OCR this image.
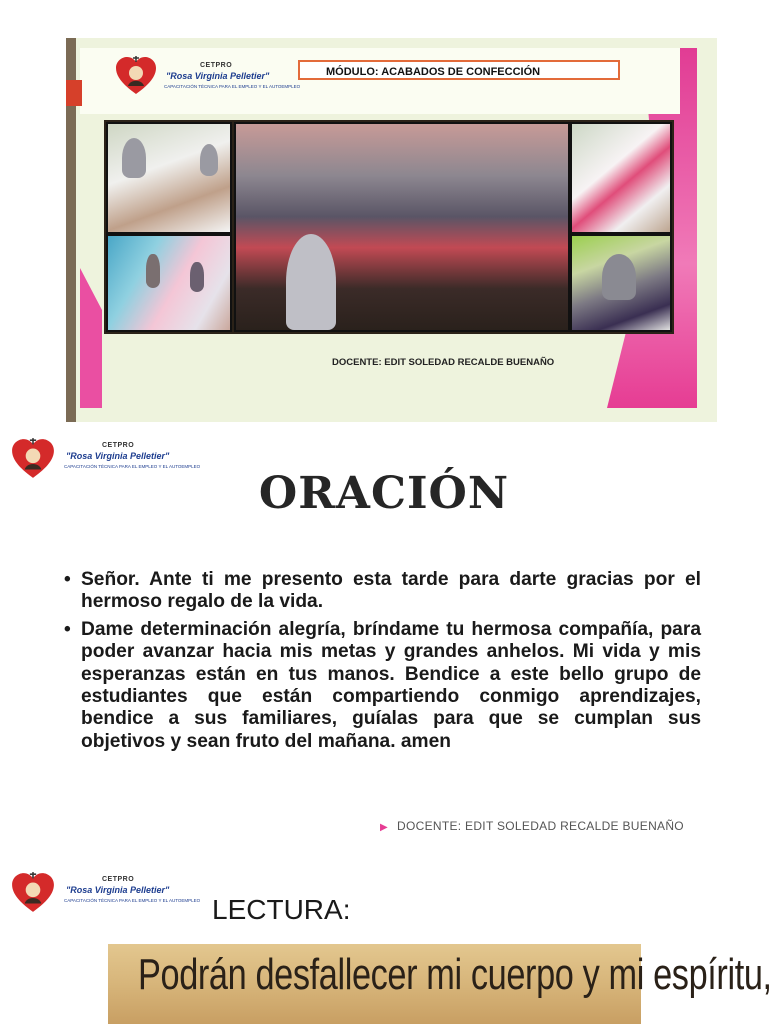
CETPRO
"Rosa Virginia Pelletier"
CAPACITACIÓN TÉCNICA PARA EL EMPLEO Y EL AUTOEMPLEO
MÓDULO: ACABADOS DE CONFECCIÓN
DOCENTE: EDIT SOLEDAD RECALDE BUENAÑO
CETPRO
"Rosa Virginia Pelletier"
CAPACITACIÓN TÉCNICA PARA EL EMPLEO Y EL AUTOEMPLEO
ORACIÓN
• Señor. Ante ti me presento esta tarde para darte gracias por el hermoso regalo de la vida.
• Dame determinación alegría, bríndame tu hermosa compañía, para poder avanzar hacia mis metas y grandes anhelos. Mi vida y mis esperanzas están en tus manos. Bendice a este bello grupo de estudiantes que están compartiendo conmigo aprendizajes, bendice a sus familiares, guíalas para que se cumplan sus objetivos y sean fruto del mañana. amen
▶ DOCENTE: EDIT SOLEDAD RECALDE BUENAÑO
CETPRO
"Rosa Virginia Pelletier"
CAPACITACIÓN TÉCNICA PARA EL EMPLEO Y EL AUTOEMPLEO LECTURA:
Podrán desfallecer mi cuerpo y mi espíritu,
